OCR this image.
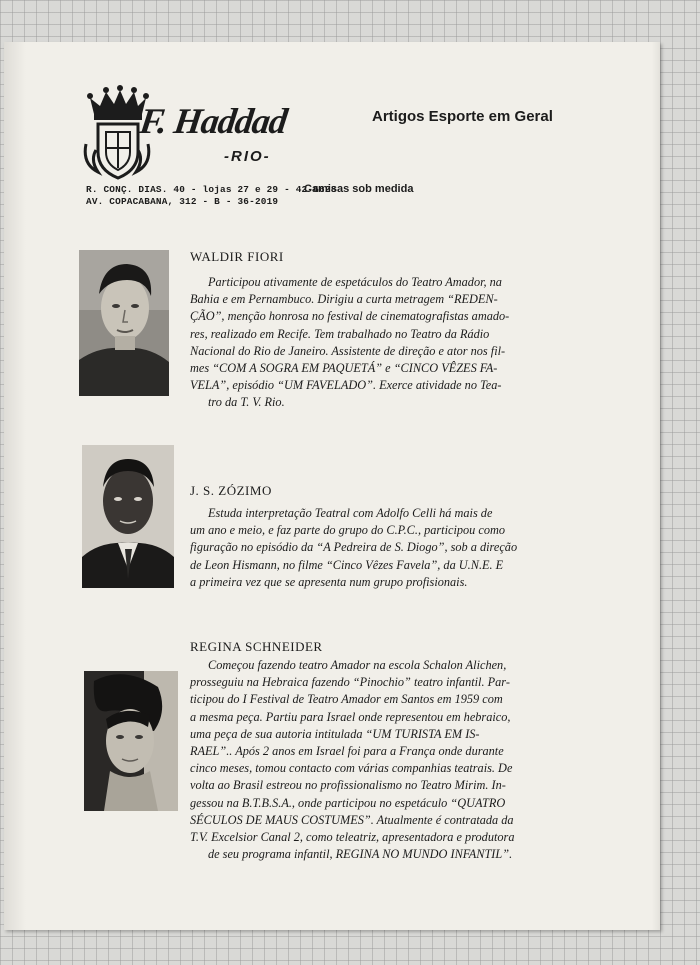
F. Haddad
-RIO-
R. CONÇ. DIAS. 40 - lojas 27 e 29 - 42-6628
AV. COPACABANA, 312 - B - 36-2019
Artigos Esporte em Geral
Camisas sob medida
WALDIR FIORI
Participou ativamente de espetáculos do Teatro Amador, na
Bahia e em Pernambuco. Dirigiu a curta metragem “REDEN-
ÇÃO”, menção honrosa no festival de cinematografistas amado-
res, realizado em Recife. Tem trabalhado no Teatro da Rádio
Nacional do Rio de Janeiro. Assistente de direção e ator nos fil-
mes “COM A SOGRA EM PAQUETÁ” e “CINCO VÊZES FA-
VELA”, episódio “UM FAVELADO”. Exerce atividade no Tea-
tro da T. V. Rio.
J. S. ZÓZIMO
Estuda interpretação Teatral com Adolfo Celli há mais de
um ano e meio, e faz parte do grupo do C.P.C., participou como
figuração no episódio da “A Pedreira de S. Diogo”, sob a direção
de Leon Hismann, no filme “Cinco Vêzes Favela”, da U.N.E. E
a primeira vez que se apresenta num grupo profisionais.
REGINA SCHNEIDER
Começou fazendo teatro Amador na escola Schalon Alichen,
prosseguiu na Hebraica fazendo “Pinochio” teatro infantil. Par-
ticipou do I Festival de Teatro Amador em Santos em 1959 com
a mesma peça. Partiu para Israel onde representou em hebraico,
uma peça de sua autoria intitulada “UM TURISTA EM IS-
RAEL”.. Após 2 anos em Israel foi para a França onde durante
cinco meses, tomou contacto com várias companhias teatrais. De
volta ao Brasil estreou no profissionalismo no Teatro Mirim. In-
gessou na B.T.B.S.A., onde participou no espetáculo “QUATRO
SÉCULOS DE MAUS COSTUMES”. Atualmente é contratada da
T.V. Excelsior Canal 2, como teleatriz, apresentadora e produtora
de seu programa infantil, REGINA NO MUNDO INFANTIL”.
